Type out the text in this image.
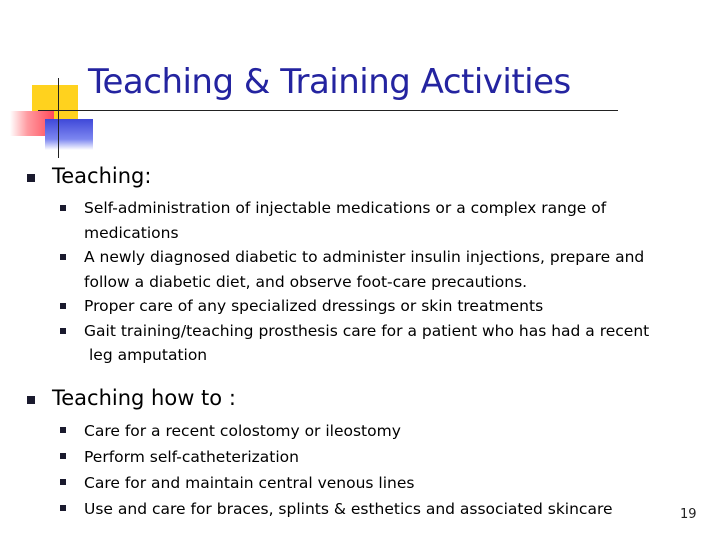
Teaching & Training Activities
Teaching:
Self-administration of injectable medications or a complex range of medications
A newly diagnosed diabetic to administer insulin injections, prepare and follow a diabetic diet, and observe foot-care precautions.
Proper care of any specialized dressings or skin treatments
Gait training/teaching prosthesis care for a patient who has had a recent
leg amputation
Teaching how to :
Care for a recent colostomy or ileostomy
Perform self-catheterization
Care for and maintain central venous lines
Use and care for braces, splints & esthetics and associated skincare	19
